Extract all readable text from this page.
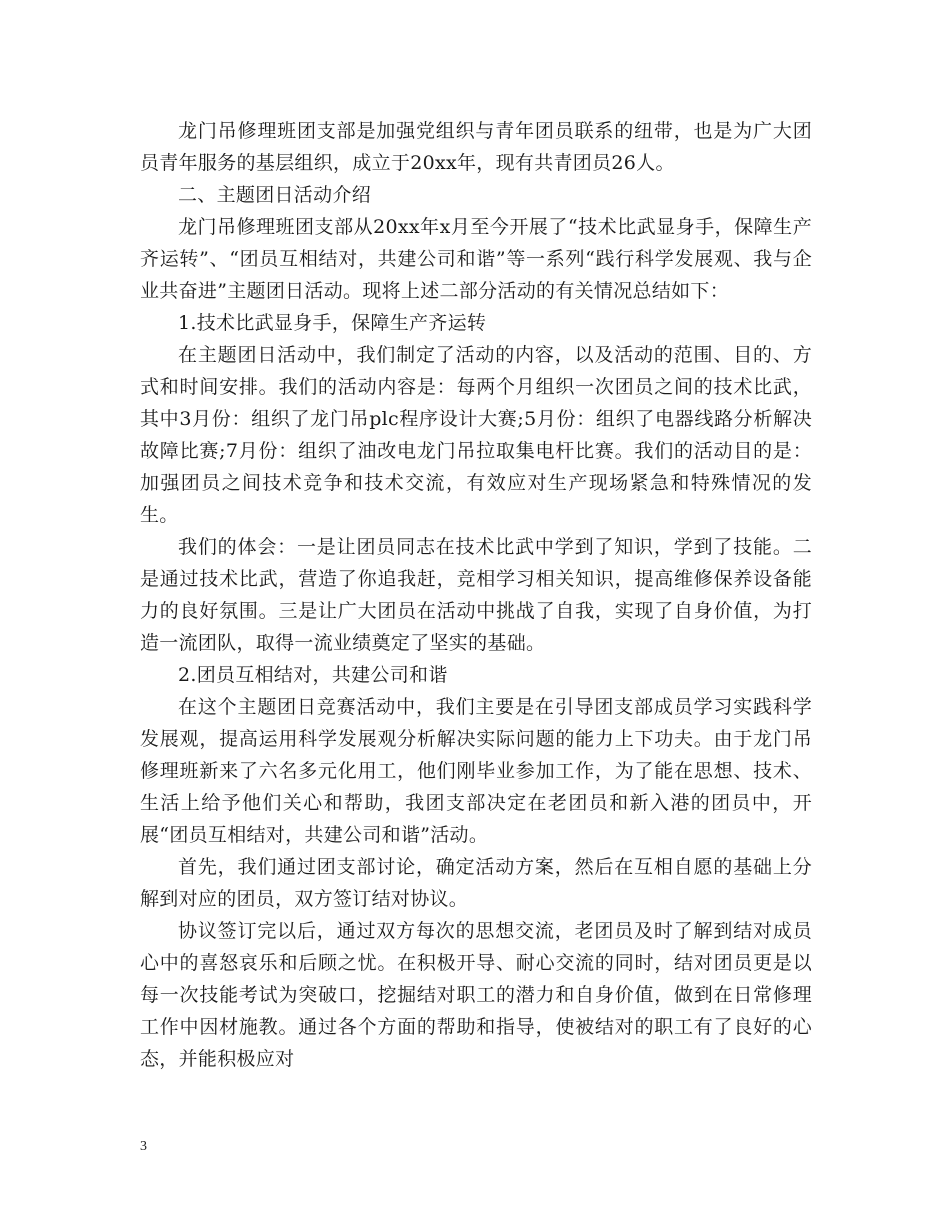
龙门吊修理班团支部是加强党组织与青年团员联系的纽带，也是为广大团员青年服务的基层组织，成立于20xx年，现有共青团员26人。

二、主题团日活动介绍

龙门吊修理班团支部从20xx年x月至今开展了“技术比武显身手，保障生产齐运转”、“团员互相结对，共建公司和谐”等一系列“践行科学发展观、我与企业共奋进”主题团日活动。现将上述二部分活动的有关情况总结如下：

1.技术比武显身手，保障生产齐运转

在主题团日活动中，我们制定了活动的内容，以及活动的范围、目的、方式和时间安排。我们的活动内容是：每两个月组织一次团员之间的技术比武，其中3月份：组织了龙门吊plc程序设计大赛;5月份：组织了电器线路分析解决故障比赛;7月份：组织了油改电龙门吊拉取集电杆比赛。我们的活动目的是：加强团员之间技术竞争和技术交流，有效应对生产现场紧急和特殊情况的发生。

我们的体会：一是让团员同志在技术比武中学到了知识，学到了技能。二是通过技术比武，营造了你追我赶，竞相学习相关知识，提高维修保养设备能力的良好氛围。三是让广大团员在活动中挑战了自我，实现了自身价值，为打造一流团队，取得一流业绩奠定了坚实的基础。

2.团员互相结对，共建公司和谐

在这个主题团日竞赛活动中，我们主要是在引导团支部成员学习实践科学发展观，提高运用科学发展观分析解决实际问题的能力上下功夫。由于龙门吊修理班新来了六名多元化用工，他们刚毕业参加工作，为了能在思想、技术、生活上给予他们关心和帮助，我团支部决定在老团员和新入港的团员中，开展“团员互相结对，共建公司和谐”活动。

首先，我们通过团支部讨论，确定活动方案，然后在互相自愿的基础上分解到对应的团员，双方签订结对协议。

协议签订完以后，通过双方每次的思想交流，老团员及时了解到结对成员心中的喜怒哀乐和后顾之忧。在积极开导、耐心交流的同时，结对团员更是以每一次技能考试为突破口，挖掘结对职工的潜力和自身价值，做到在日常修理工作中因材施教。通过各个方面的帮助和指导，使被结对的职工有了良好的心态，并能积极应对

3
